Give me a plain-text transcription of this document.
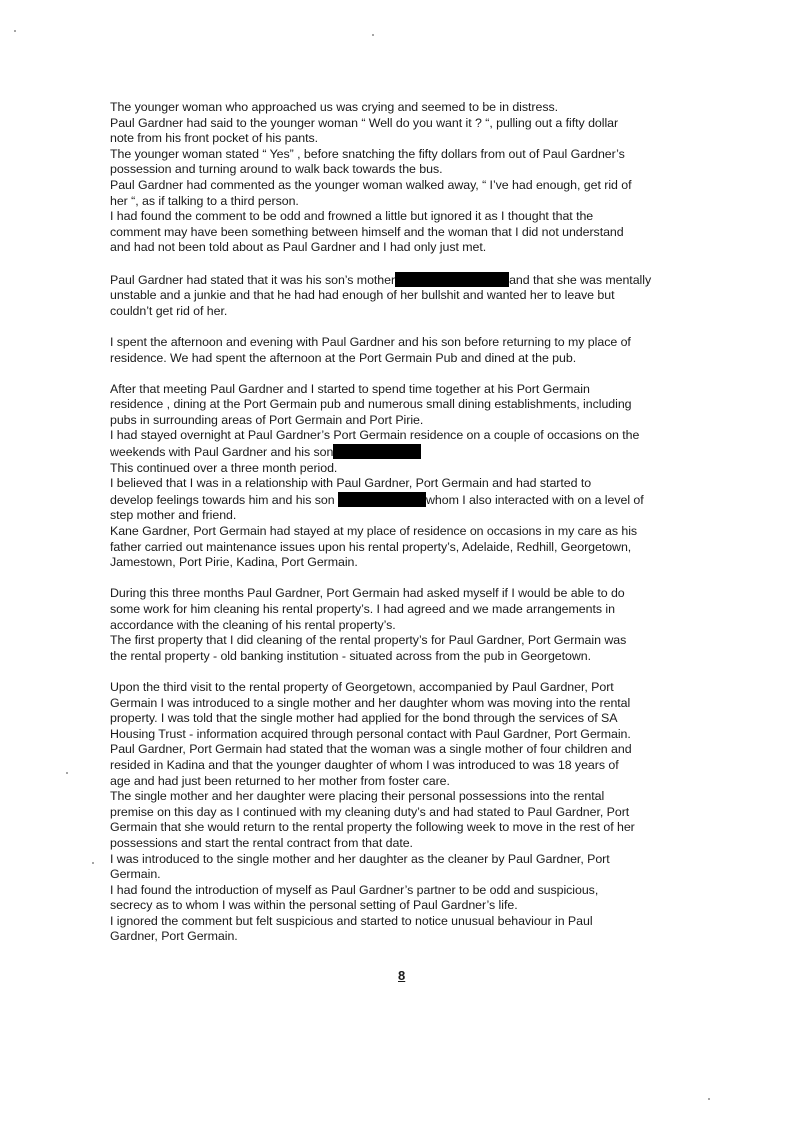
The younger woman who approached us was crying and seemed to be in distress.
Paul Gardner had said to the younger woman “ Well do you want it ? “, pulling out a fifty dollar
note from his front pocket of his pants.
The younger woman stated “ Yes” , before snatching the fifty dollars from out of Paul Gardner’s
possession and turning around to walk back towards the bus.
Paul Gardner had commented as the younger woman walked away, “ I’ve had enough, get rid of
her “, as if talking to a third person.
I had found the comment to be odd and frowned a little but ignored it as I thought that the
comment may have been something between himself and the woman that I did not understand
and had not been told about as Paul Gardner and I had only just met.

Paul Gardner had stated that it was his son’s mother	and that she was mentally
unstable and a junkie and that he had had enough of her bullshit and wanted her to leave but
couldn’t get rid of her.

I spent the afternoon and evening with Paul Gardner and his son before returning to my place of
residence. We had spent the afternoon at the Port Germain Pub and dined at the pub.

After that meeting Paul Gardner and I started to spend time together at his Port Germain
residence , dining at the Port Germain pub and numerous small dining establishments, including
pubs in surrounding areas of Port Germain and Port Pirie.
I had stayed overnight at Paul Gardner’s Port Germain residence on a couple of occasions on the
weekends with Paul Gardner and his son
This continued over a three month period.
I believed that I was in a relationship with Paul Gardner, Port Germain and had started to
develop feelings towards him and his son	whom I also interacted with on a level of
step mother and friend.
Kane Gardner, Port Germain had stayed at my place of residence on occasions in my care as his
father carried out maintenance issues upon his rental property’s, Adelaide, Redhill, Georgetown,
Jamestown, Port Pirie, Kadina, Port Germain.

During this three months Paul Gardner, Port Germain had asked myself if I would be able to do
some work for him cleaning his rental property’s. I had agreed and we made arrangements in
accordance with the cleaning of his rental property’s.
The first property that I did cleaning of the rental property’s for Paul Gardner, Port Germain was
the rental property - old banking institution - situated across from the pub in Georgetown.

Upon the third visit to the rental property of Georgetown, accompanied by Paul Gardner, Port
Germain I was introduced to a single mother and her daughter whom was moving into the rental
property. I was told that the single mother had applied for the bond through the services of SA
Housing Trust - information acquired through personal contact with Paul Gardner, Port Germain.
Paul Gardner, Port Germain had stated that the woman was a single mother of four children and
resided in Kadina and that the younger daughter of whom I was introduced to was 18 years of
age and had just been returned to her mother from foster care.
The single mother and her daughter were placing their personal possessions into the rental
premise on this day as I continued with my cleaning duty’s and had stated to Paul Gardner, Port
Germain that she would return to the rental property the following week to move in the rest of her
possessions and start the rental contract from that date.
I was introduced to the single mother and her daughter as the cleaner by Paul Gardner, Port
Germain.
I had found the introduction of myself as Paul Gardner’s partner to be odd and suspicious,
secrecy as to whom I was within the personal setting of Paul Gardner’s life.
I ignored the comment but felt suspicious and started to notice unusual behaviour in Paul
Gardner, Port Germain.

8
